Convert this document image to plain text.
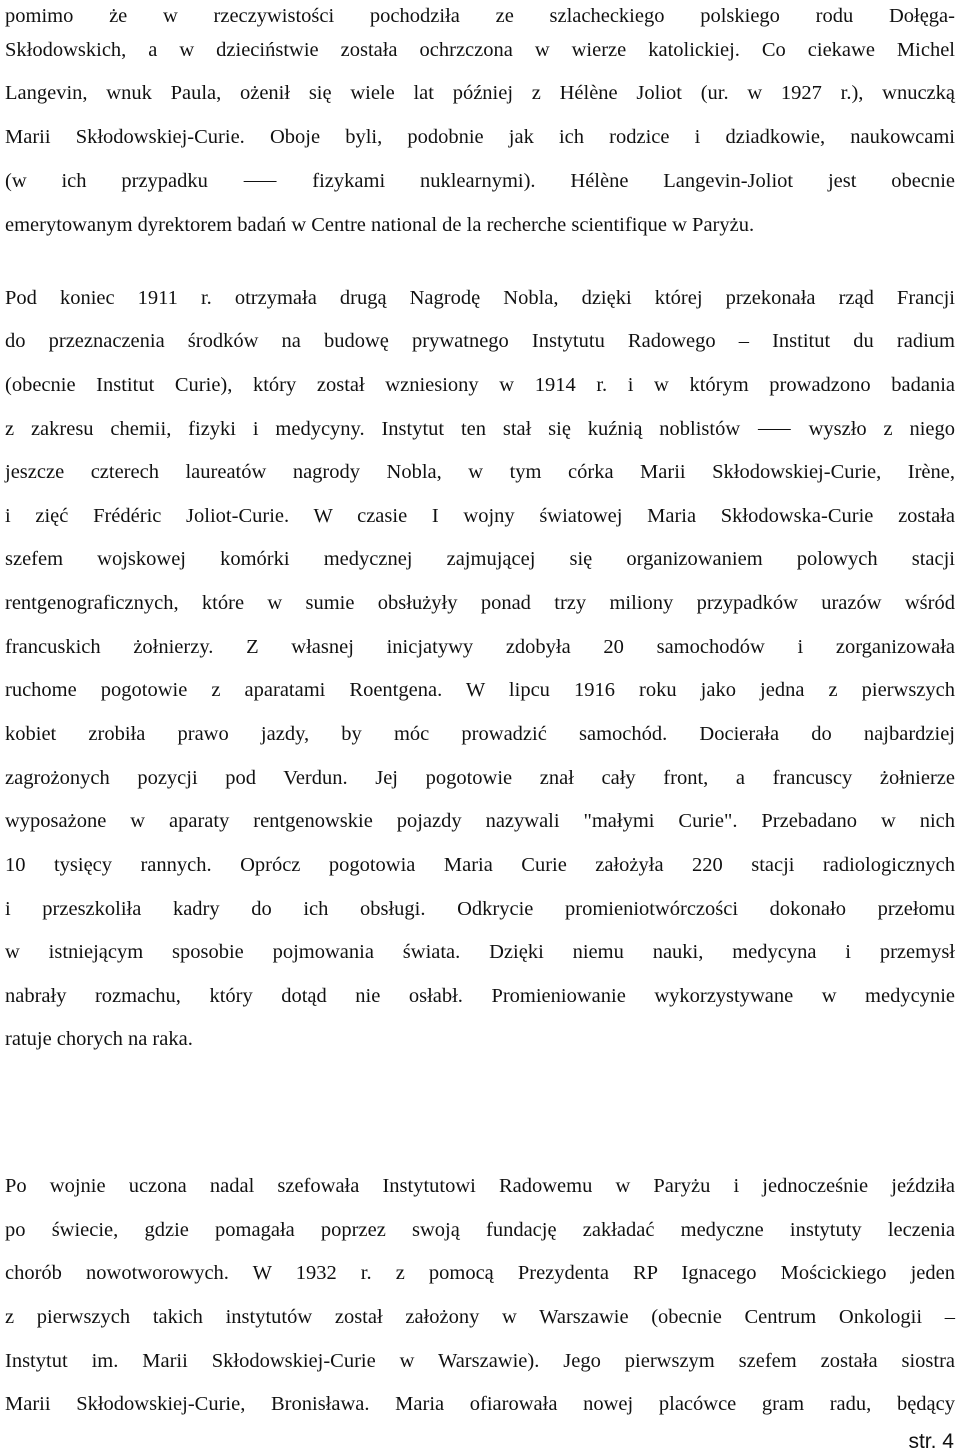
pomimo że w rzeczywistości pochodziła ze szlacheckiego polskiego rodu Dołęga-
Skłodowskich, a w dzieciństwie została ochrzczona w wierze katolickiej. Co ciekawe Michel
Langevin, wnuk Paula, ożenił się wiele lat później z Hélène Joliot (ur. w 1927 r.), wnuczką
Marii Skłodowskiej-Curie. Oboje byli, podobnie jak ich rodzice i dziadkowie, naukowcami
(w ich przypadku ⸺ fizykami nuklearnymi). Hélène Langevin-Joliot jest obecnie
emerytowanym dyrektorem badań w Centre national de la recherche scientifique w Paryżu.
Pod koniec 1911 r. otrzymała drugą Nagrodę Nobla, dzięki której przekonała rząd Francji
do przeznaczenia środków na budowę prywatnego Instytutu Radowego – Institut du radium
(obecnie Institut Curie), który został wzniesiony w 1914 r. i w którym prowadzono badania
z zakresu chemii, fizyki i medycyny. Instytut ten stał się kuźnią noblistów ⸺ wyszło z niego
jeszcze czterech laureatów nagrody Nobla, w tym córka Marii Skłodowskiej-Curie, Irène,
i zięć Frédéric Joliot-Curie. W czasie I wojny światowej Maria Skłodowska-Curie została
szefem wojskowej komórki medycznej zajmującej się organizowaniem polowych stacji
rentgenograficznych, które w sumie obsłużyły ponad trzy miliony przypadków urazów wśród
francuskich żołnierzy. Z własnej inicjatywy zdobyła 20 samochodów i zorganizowała
ruchome pogotowie z aparatami Roentgena. W lipcu 1916 roku jako jedna z pierwszych
kobiet zrobiła prawo jazdy, by móc prowadzić samochód. Docierała do najbardziej
zagrożonych pozycji pod Verdun. Jej pogotowie znał cały front, a francuscy żołnierze
wyposażone w aparaty rentgenowskie pojazdy nazywali "małymi Curie". Przebadano w nich
10 tysięcy rannych. Oprócz pogotowia Maria Curie założyła 220 stacji radiologicznych
i przeszkoliła kadry do ich obsługi. Odkrycie promieniotwórczości dokonało przełomu
w istniejącym sposobie pojmowania świata. Dzięki niemu nauki, medycyna i przemysł
nabrały rozmachu, który dotąd nie osłabł. Promieniowanie wykorzystywane w medycynie
ratuje chorych na raka.
Po wojnie uczona nadal szefowała Instytutowi Radowemu w Paryżu i jednocześnie jeździła
po świecie, gdzie pomagała poprzez swoją fundację zakładać medyczne instytuty leczenia
chorób nowotworowych. W 1932 r. z pomocą Prezydenta RP Ignacego Mościckiego jeden
z pierwszych takich instytutów został założony w Warszawie (obecnie Centrum Onkologii –
Instytut im. Marii Skłodowskiej-Curie w Warszawie). Jego pierwszym szefem została siostra
Marii Skłodowskiej-Curie, Bronisława. Maria ofiarowała nowej placówce gram radu, będący
str. 4
